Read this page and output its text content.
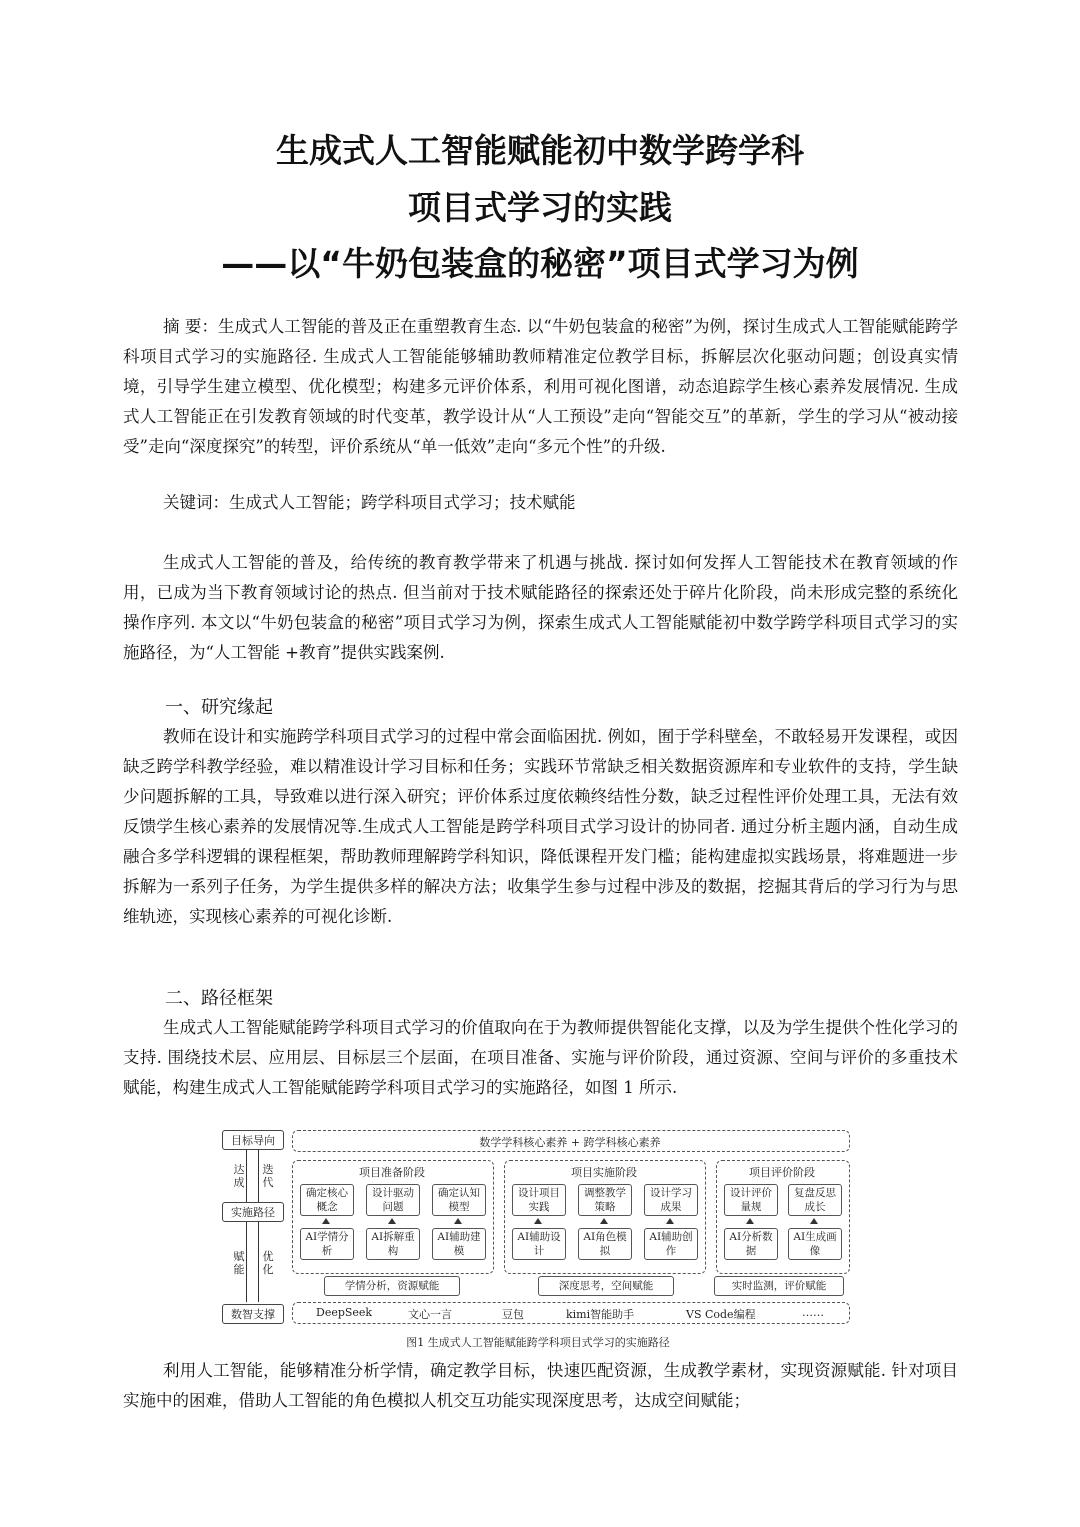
生成式人工智能赋能初中数学跨学科
项目式学习的实践
——以“牛奶包装盒的秘密”项目式学习为例
摘 要：生成式人工智能的普及正在重塑教育生态. 以“牛奶包装盒的秘密”为例，探讨生成式人工智能赋能跨学科项目式学习的实施路径. 生成式人工智能能够辅助教师精准定位教学目标，拆解层次化驱动问题；创设真实情境，引导学生建立模型、优化模型；构建多元评价体系，利用可视化图谱，动态追踪学生核心素养发展情况. 生成式人工智能正在引发教育领域的时代变革，教学设计从“人工预设”走向“智能交互”的革新，学生的学习从“被动接受”走向“深度探究”的转型，评价系统从“单一低效”走向“多元个性”的升级.
关键词：生成式人工智能；跨学科项目式学习；技术赋能
生成式人工智能的普及，给传统的教育教学带来了机遇与挑战. 探讨如何发挥人工智能技术在教育领域的作用，已成为当下教育领域讨论的热点. 但当前对于技术赋能路径的探索还处于碎片化阶段，尚未形成完整的系统化操作序列. 本文以“牛奶包装盒的秘密”项目式学习为例，探索生成式人工智能赋能初中数学跨学科项目式学习的实施路径，为“人工智能 +教育”提供实践案例.
一、研究缘起
教师在设计和实施跨学科项目式学习的过程中常会面临困扰. 例如，囿于学科壁垒，不敢轻易开发课程，或因缺乏跨学科教学经验，难以精准设计学习目标和任务；实践环节常缺乏相关数据资源库和专业软件的支持，学生缺少问题拆解的工具，导致难以进行深入研究；评价体系过度依赖终结性分数，缺乏过程性评价处理工具，无法有效反馈学生核心素养的发展情况等.生成式人工智能是跨学科项目式学习设计的协同者. 通过分析主题内涵，自动生成融合多学科逻辑的课程框架，帮助教师理解跨学科知识，降低课程开发门槛；能构建虚拟实践场景，将难题进一步拆解为一系列子任务，为学生提供多样的解决方法；收集学生参与过程中涉及的数据，挖掘其背后的学习行为与思维轨迹，实现核心素养的可视化诊断.
二、路径框架
生成式人工智能赋能跨学科项目式学习的价值取向在于为教师提供智能化支撑，以及为学生提供个性化学习的支持. 围绕技术层、应用层、目标层三个层面，在项目准备、实施与评价阶段，通过资源、空间与评价的多重技术赋能，构建生成式人工智能赋能跨学科项目式学习的实施路径，如图 1 所示.
目标导向
实施路径
数智支撑
达成
迭代
赋能
优化
数学学科核心素养 + 跨学科核心素养
项目准备阶段
确定核心概念
设计驱动问题
确定认知模型
AI学情分析
AI拆解重构
AI辅助建模
学情分析，资源赋能
项目实施阶段
设计项目实践
调整教学策略
设计学习成果
AI辅助设计
AI角色模拟
AI辅助创作
深度思考，空间赋能
项目评价阶段
设计评价量规
复盘反思成长
AI分析数据
AI生成画像
实时监测，评价赋能
DeepSeek	文心一言	豆包	kimi智能助手	VS Code编程	……
图1 生成式人工智能赋能跨学科项目式学习的实施路径
利用人工智能，能够精准分析学情，确定教学目标，快速匹配资源，生成教学素材，实现资源赋能. 针对项目实施中的困难，借助人工智能的角色模拟人机交互功能实现深度思考，达成空间赋能；
